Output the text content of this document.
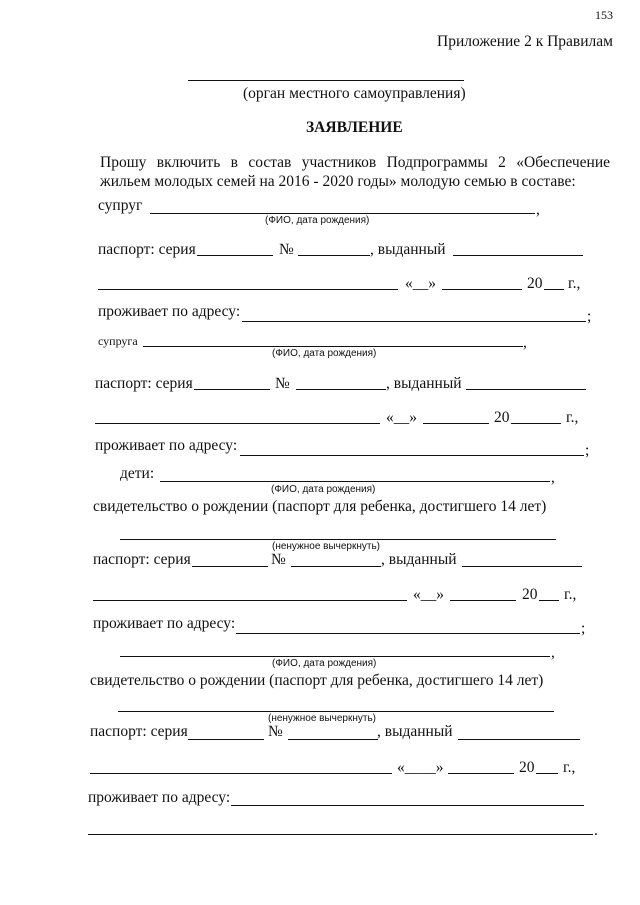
153
Приложение 2 к Правилам
(орган местного самоуправления)
ЗАЯВЛЕНИЕ
Прошу включить в состав участников Подпрограммы 2 «Обеспечение
жильем молодых семей на 2016 - 2020 годы» молодую семью в составе:
супруг	,
(ФИО, дата рождения)
паспорт: серия	№	, выданный
«__»	20 г.,
проживает по адресу:	;
супруга	,
(ФИО, дата рождения)
паспорт: серия	№	, выданный
«__»	20	г.,
проживает по адресу:	;
дети:	,
(ФИО, дата рождения)
свидетельство о рождении (паспорт для ребенка, достигшего 14 лет)
(ненужное вычеркнуть)
паспорт: серия	№	, выданный
«__»	20 г.,
проживает по адресу:	;
,
(ФИО, дата рождения)
свидетельство о рождении (паспорт для ребенка, достигшего 14 лет)
(ненужное вычеркнуть)
паспорт: серия	№	, выданный
«____»	20 г.,
проживает по адресу:
.
